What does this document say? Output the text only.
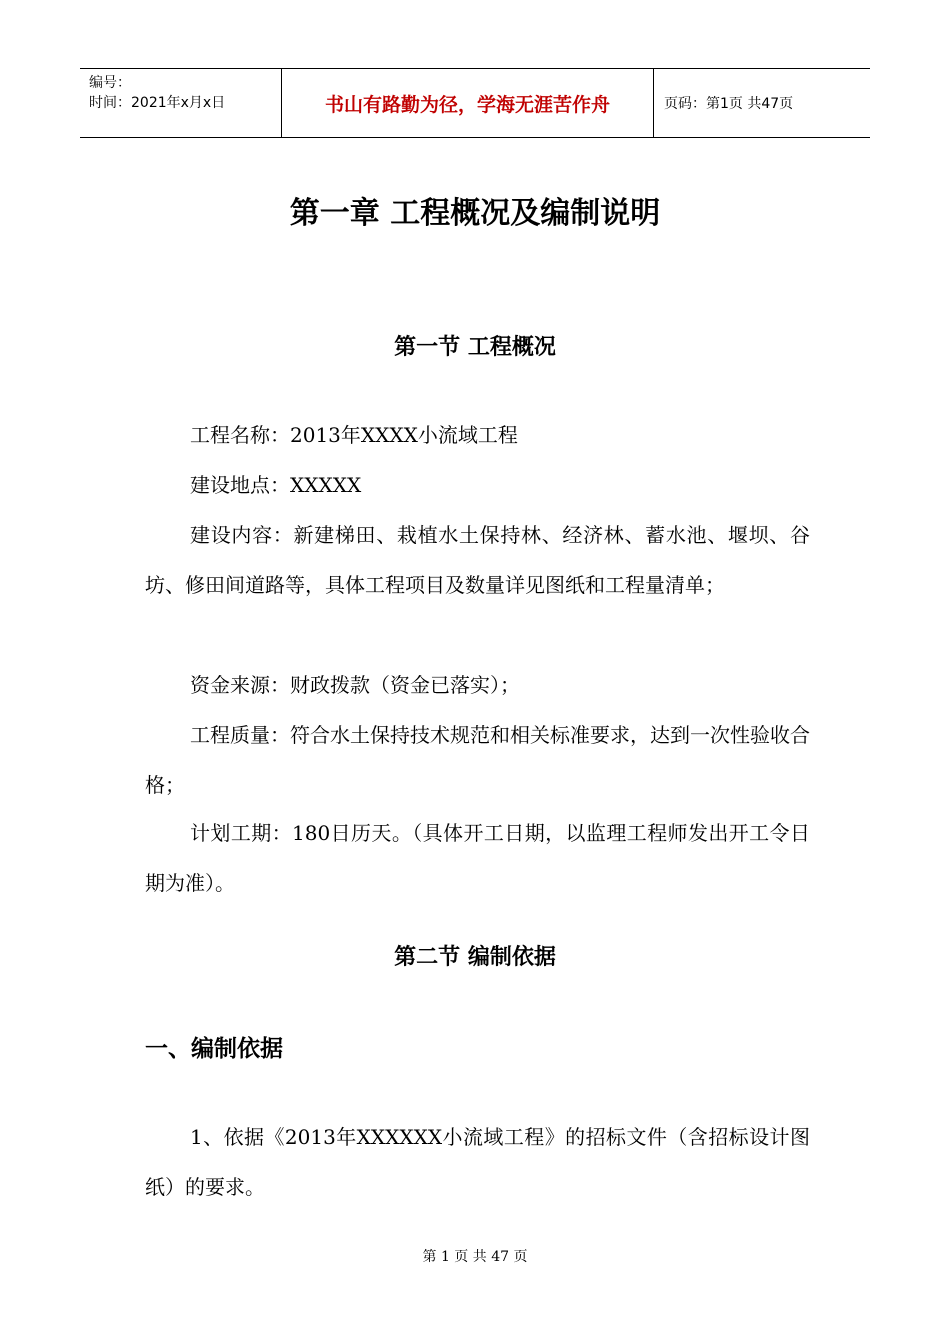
编号：
时间：2021年x月x日	书山有路勤为径，学海无涯苦作舟	页码：第1页 共47页
第一章 工程概况及编制说明
第一节 工程概况
工程名称：2013年XXXX小流域工程
建设地点：XXXXX
建设内容：新建梯田、栽植水土保持林、经济林、蓄水池、堰坝、谷坊、修田间道路等，具体工程项目及数量详见图纸和工程量清单；
资金来源：财政拨款（资金已落实）；
工程质量：符合水土保持技术规范和相关标准要求，达到一次性验收合格；
计划工期：180日历天。（具体开工日期，以监理工程师发出开工令日期为准）。
第二节 编制依据
一、编制依据
1、依据《2013年XXXXXX小流域工程》的招标文件（含招标设计图纸）的要求。
第 1 页 共 47 页
